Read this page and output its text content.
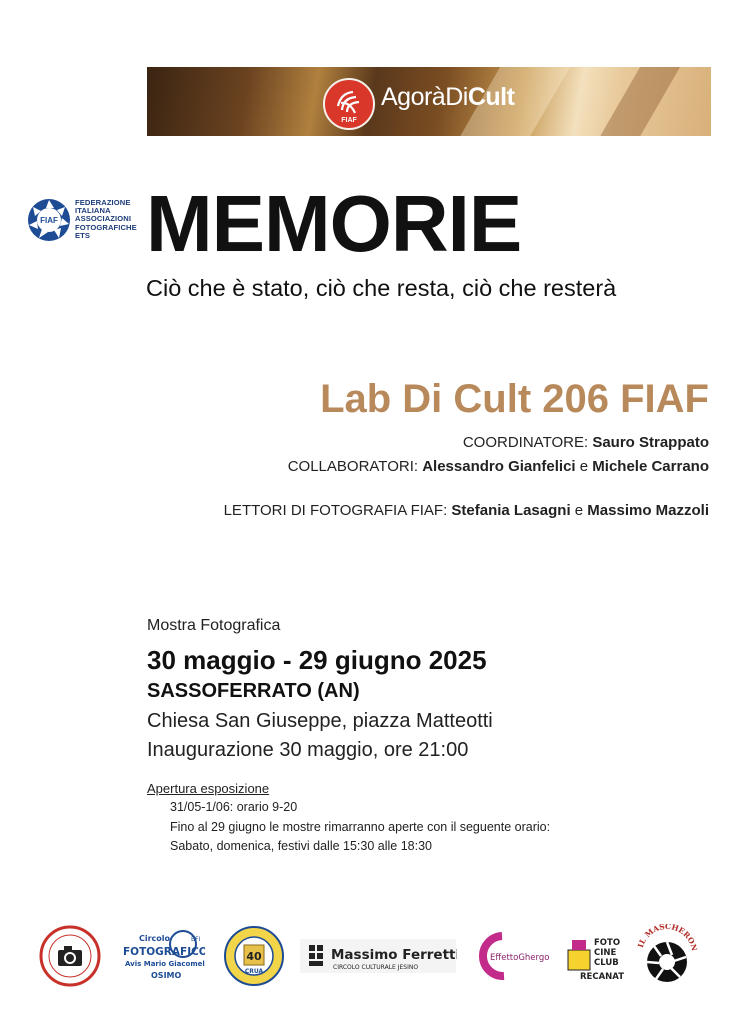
FIAF
AgoràDiCult
FIAF
FEDERAZIONE
ITALIANA
ASSOCIAZIONI
FOTOGRAFICHE
ETS MEMORIE
Ciò che è stato, ciò che resta, ciò che resterà
Lab Di Cult 206 FIAF
COORDINATORE: Sauro Strappato
COLLABORATORI: Alessandro Gianfelici e Michele Carrano
LETTORI DI FOTOGRAFIA FIAF: Stefania Lasagni e Massimo Mazzoli
Mostra Fotografica
30 maggio - 29 giugno 2025
SASSOFERRATO (AN)
Chiesa San Giuseppe, piazza Matteotti
Inaugurazione 30 maggio, ore 21:00
Apertura esposizione
31/05-1/06: orario 9-20
Fino al 29 giugno le mostre rimarranno aperte con il seguente orario:
Sabato, domenica, festivi dalle 15:30 alle 18:30
Circolo
FOTOGRAFICO
Avis Mario Giacomelli
OSIMO
BFI
40
CRUA
Massimo Ferretti
CIRCOLO CULTURALE JESINO
EffettoGhergo
FOTO
CINE
CLUB
RECANATI
IL MASCHERON
